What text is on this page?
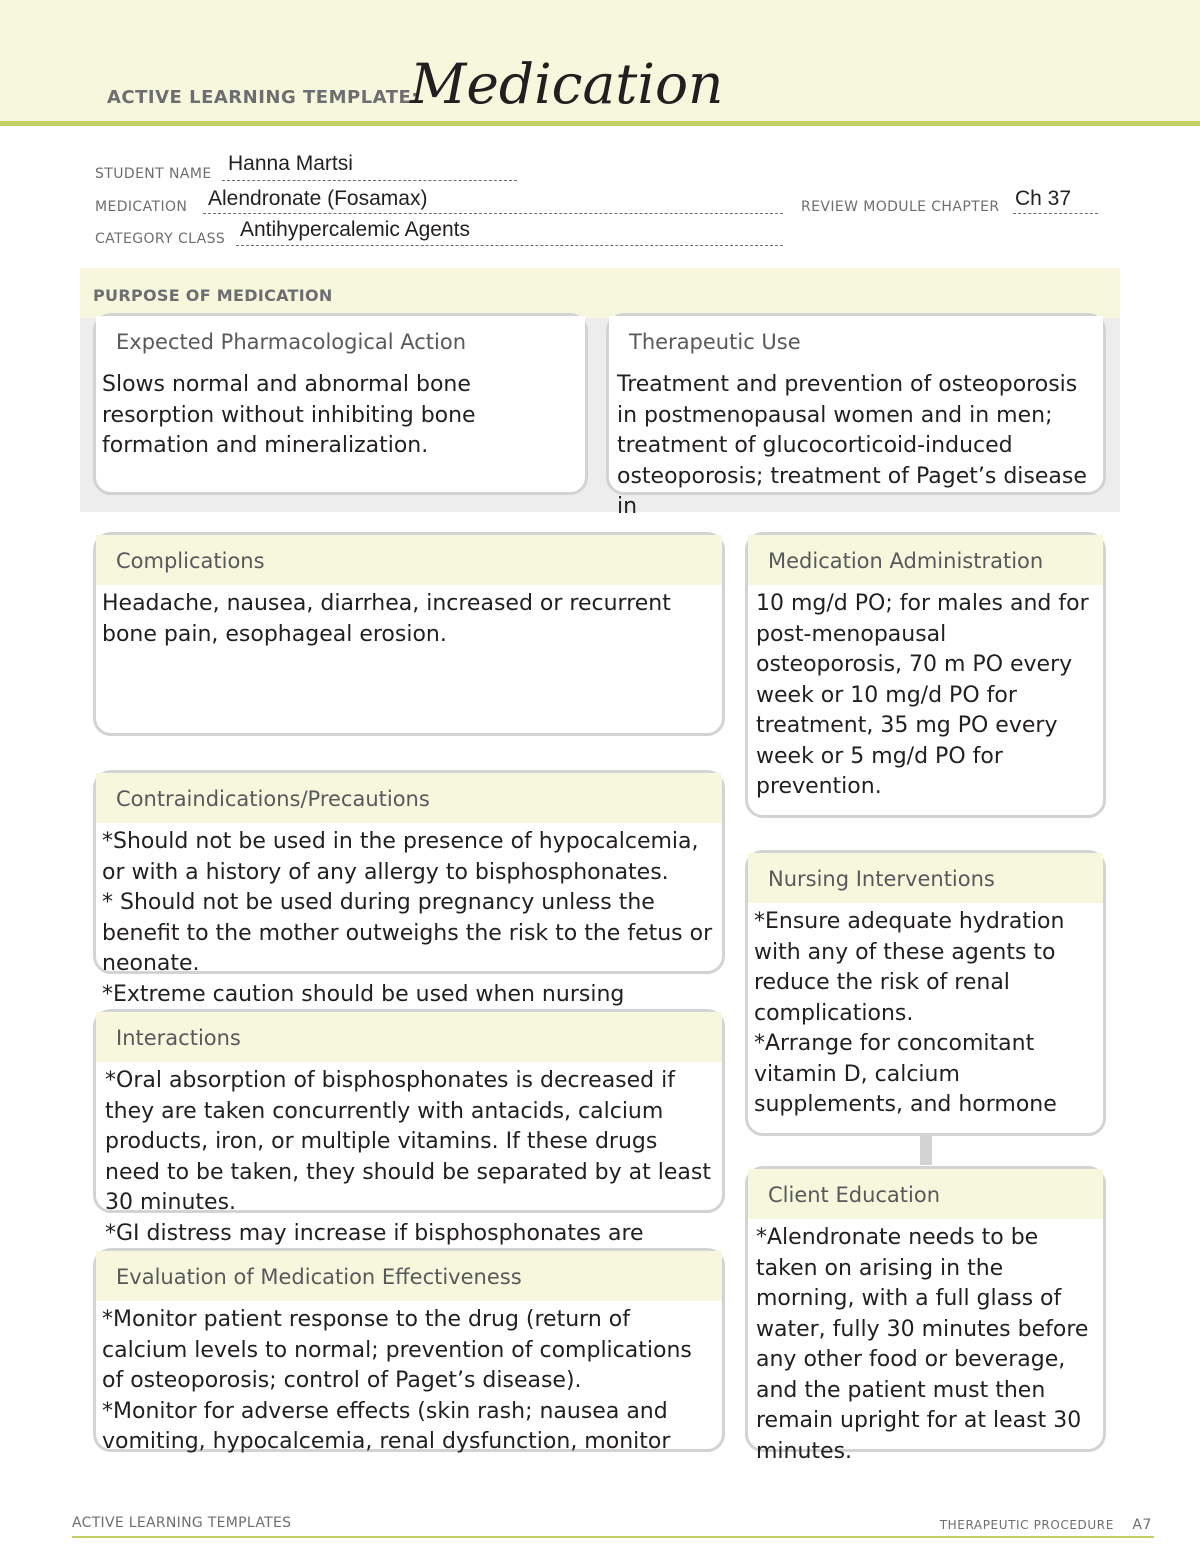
ACTIVE LEARNING TEMPLATE:
Medication
STUDENT NAME Hanna Martsi
MEDICATION Alendronate (Fosamax)	REVIEW MODULE CHAPTER Ch 37
CATEGORY CLASS Antihypercalemic Agents
PURPOSE OF MEDICATION
Expected Pharmacological Action
Slows normal and abnormal bone resorption without inhibiting bone formation and mineralization.
Therapeutic Use
Treatment and prevention of osteoporosis in postmenopausal women and in men; treatment of glucocorticoid-induced osteoporosis; treatment of Paget’s disease in
Complications
Headache, nausea, diarrhea, increased or recurrent bone pain, esophageal erosion.
Contraindications/Precautions
*Should not be used in the presence of hypocalcemia, or with a history of any allergy to bisphosphonates.
* Should not be used during pregnancy unless the benefit to the mother outweighs the risk to the fetus or neonate.
*Extreme caution should be used when nursing
Interactions
*Oral absorption of bisphosphonates is decreased if they are taken concurrently with antacids, calcium products, iron, or multiple vitamins. If these drugs need to be taken, they should be separated by at least 30 minutes.
*GI distress may increase if bisphosphonates are
Evaluation of Medication Effectiveness
*Monitor patient response to the drug (return of calcium levels to normal; prevention of complications of osteoporosis; control of Paget’s disease).
*Monitor for adverse effects (skin rash; nausea and vomiting, hypocalcemia, renal dysfunction, monitor
Medication Administration
10 mg/d PO; for males and for post-menopausal osteoporosis, 70 m PO every week or 10 mg/d PO for treatment, 35 mg PO every week or 5 mg/d PO for prevention.
Nursing Interventions
*Ensure adequate hydration with any of these agents to reduce the risk of renal complications.
*Arrange for concomitant vitamin D, calcium supplements, and hormone
Client Education
*Alendronate needs to be taken on arising in the morning, with a full glass of water, fully 30 minutes before any other food or beverage, and the patient must then remain upright for at least 30 minutes.
ACTIVE LEARNING TEMPLATES	THERAPEUTIC PROCEDURE A7
